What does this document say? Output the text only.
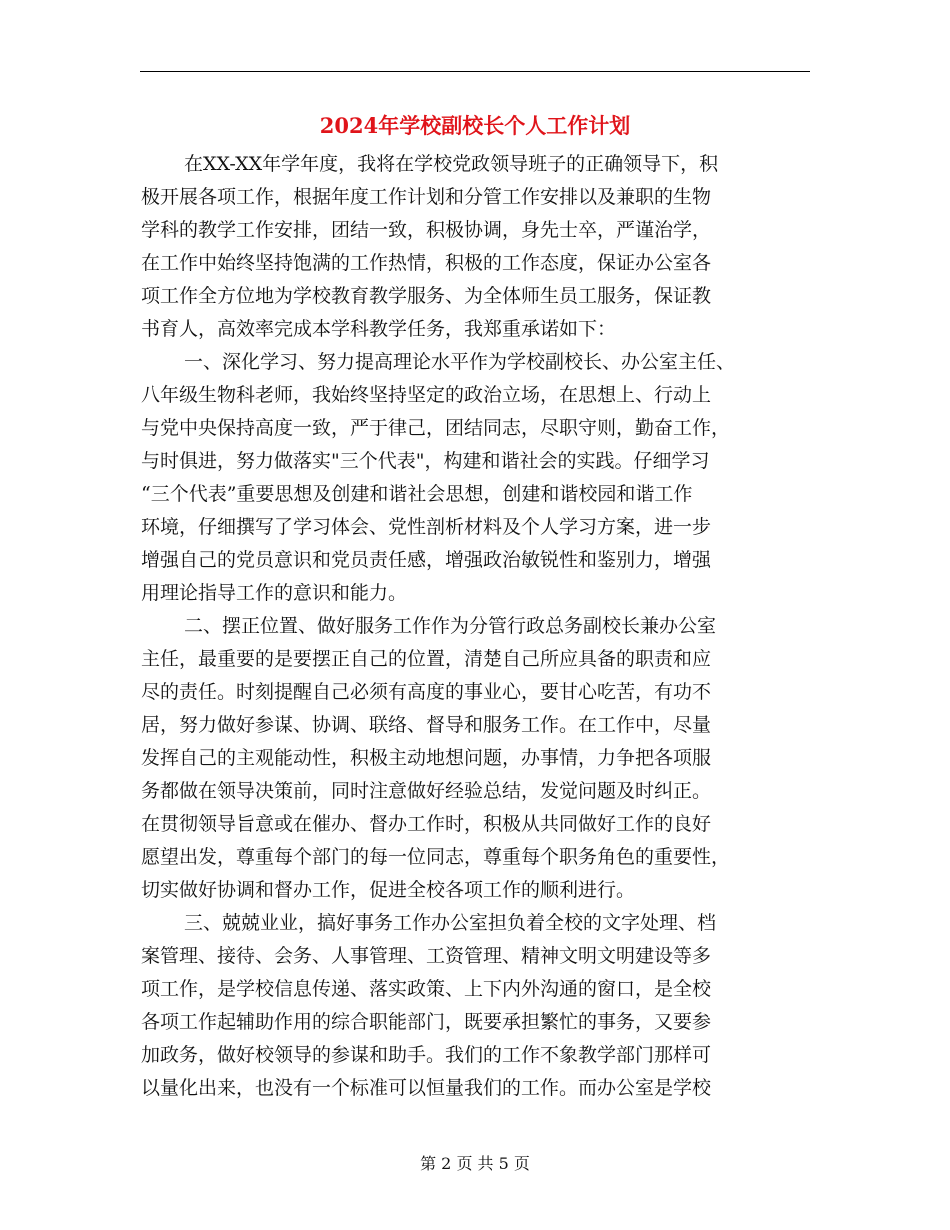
2024年学校副校长个人工作计划
在XX-XX年学年度，我将在学校党政领导班子的正确领导下，积
极开展各项工作，根据年度工作计划和分管工作安排以及兼职的生物
学科的教学工作安排，团结一致，积极协调，身先士卒，严谨治学，
在工作中始终坚持饱满的工作热情，积极的工作态度，保证办公室各
项工作全方位地为学校教育教学服务、为全体师生员工服务，保证教
书育人，高效率完成本学科教学任务，我郑重承诺如下：
一、深化学习、努力提高理论水平作为学校副校长、办公室主任、
八年级生物科老师，我始终坚持坚定的政治立场，在思想上、行动上
与党中央保持高度一致，严于律己，团结同志，尽职守则，勤奋工作，
与时俱进，努力做落实"三个代表"，构建和谐社会的实践。仔细学习
“三个代表”重要思想及创建和谐社会思想，创建和谐校园和谐工作
环境，仔细撰写了学习体会、党性剖析材料及个人学习方案，进一步
增强自己的党员意识和党员责任感，增强政治敏锐性和鉴别力，增强
用理论指导工作的意识和能力。
二、摆正位置、做好服务工作作为分管行政总务副校长兼办公室
主任，最重要的是要摆正自己的位置，清楚自己所应具备的职责和应
尽的责任。时刻提醒自己必须有高度的事业心，要甘心吃苦，有功不
居，努力做好参谋、协调、联络、督导和服务工作。在工作中，尽量
发挥自己的主观能动性，积极主动地想问题，办事情，力争把各项服
务都做在领导决策前，同时注意做好经验总结，发觉问题及时纠正。
在贯彻领导旨意或在催办、督办工作时，积极从共同做好工作的良好
愿望出发，尊重每个部门的每一位同志，尊重每个职务角色的重要性，
切实做好协调和督办工作，促进全校各项工作的顺利进行。
三、兢兢业业，搞好事务工作办公室担负着全校的文字处理、档
案管理、接待、会务、人事管理、工资管理、精神文明文明建设等多
项工作，是学校信息传递、落实政策、上下内外沟通的窗口，是全校
各项工作起辅助作用的综合职能部门，既要承担繁忙的事务，又要参
加政务，做好校领导的参谋和助手。我们的工作不象教学部门那样可
以量化出来，也没有一个标准可以恒量我们的工作。而办公室是学校
第 2 页 共 5 页
